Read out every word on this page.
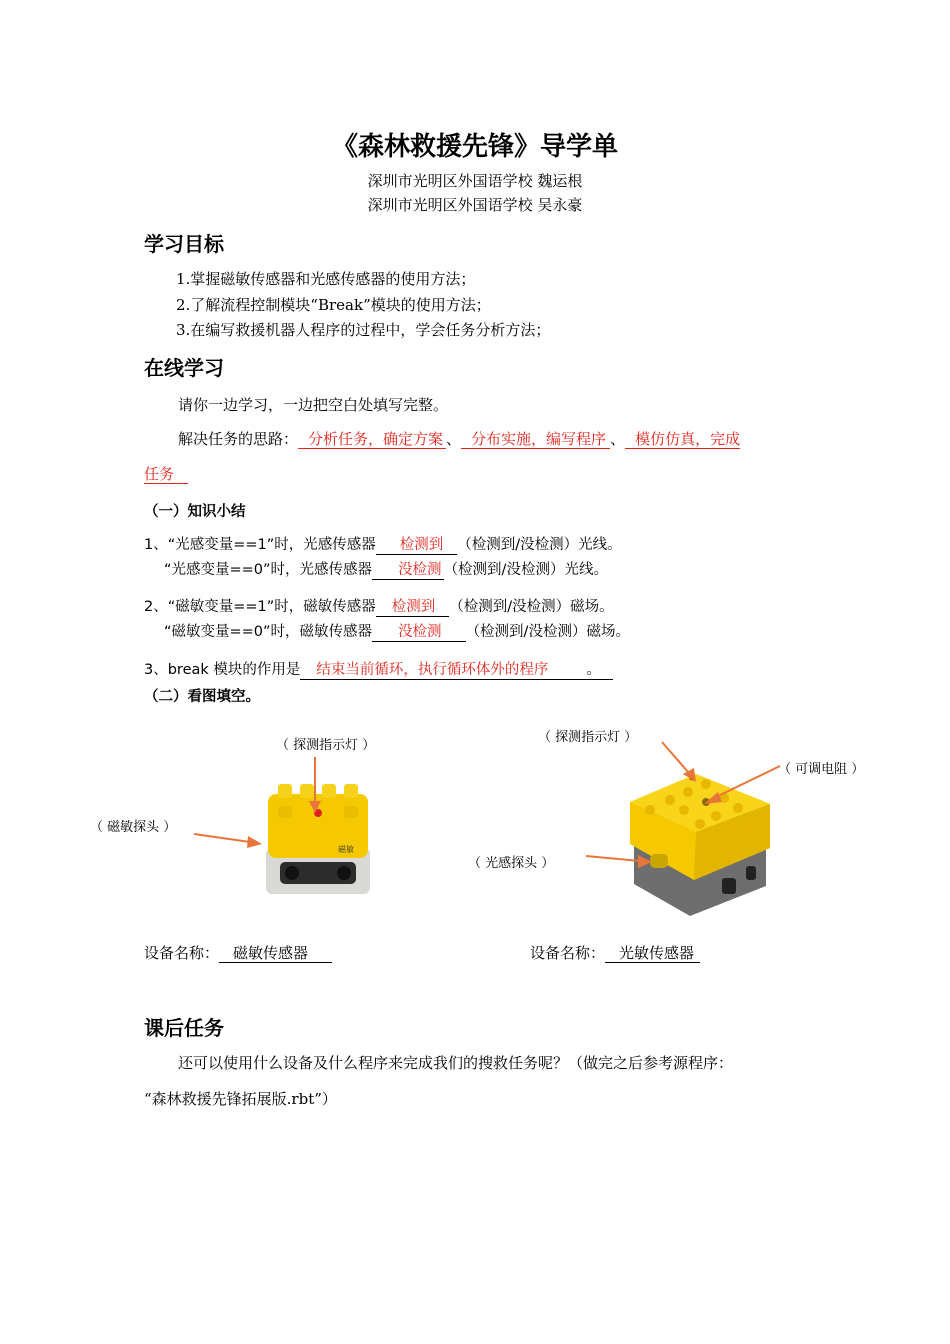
《森林救援先锋》导学单
深圳市光明区外国语学校 魏运根
深圳市光明区外国语学校 吴永豪
学习目标
1.掌握磁敏传感器和光感传感器的使用方法；
2.了解流程控制模块“Break”模块的使用方法；
3.在编写救援机器人程序的过程中，学会任务分析方法；
在线学习
请你一边学习，一边把空白处填写完整。
解决任务的思路： 分析任务，确定方案 、 分布实施，编写程序 、 模仿仿真，完成
任务
（一）知识小结
1、“光感变量==1”时，光感传感器 检测到 （检测到/没检测）光线。
“光感变量==0”时，光感传感器 没检测 （检测到/没检测）光线。
2、“磁敏变量==1”时，磁敏传感器 检测到 （检测到/没检测）磁场。
“磁敏变量==0”时，磁敏传感器 没检测 （检测到/没检测）磁场。
3、break 模块的作用是 结束当前循环，执行循环体外的程序	。
（二）看图填空。
（ 探测指示灯 ）
（ 磁敏探头 ）
磁敏
（ 探测指示灯 ）
（ 可调电阻 ）
（ 光感探头 ）
设备名称： 磁敏传感器	设备名称： 光敏传感器
课后任务
还可以使用什么设备及什么程序来完成我们的搜救任务呢？（做完之后参考源程序：
“森林救援先锋拓展版.rbt”）
